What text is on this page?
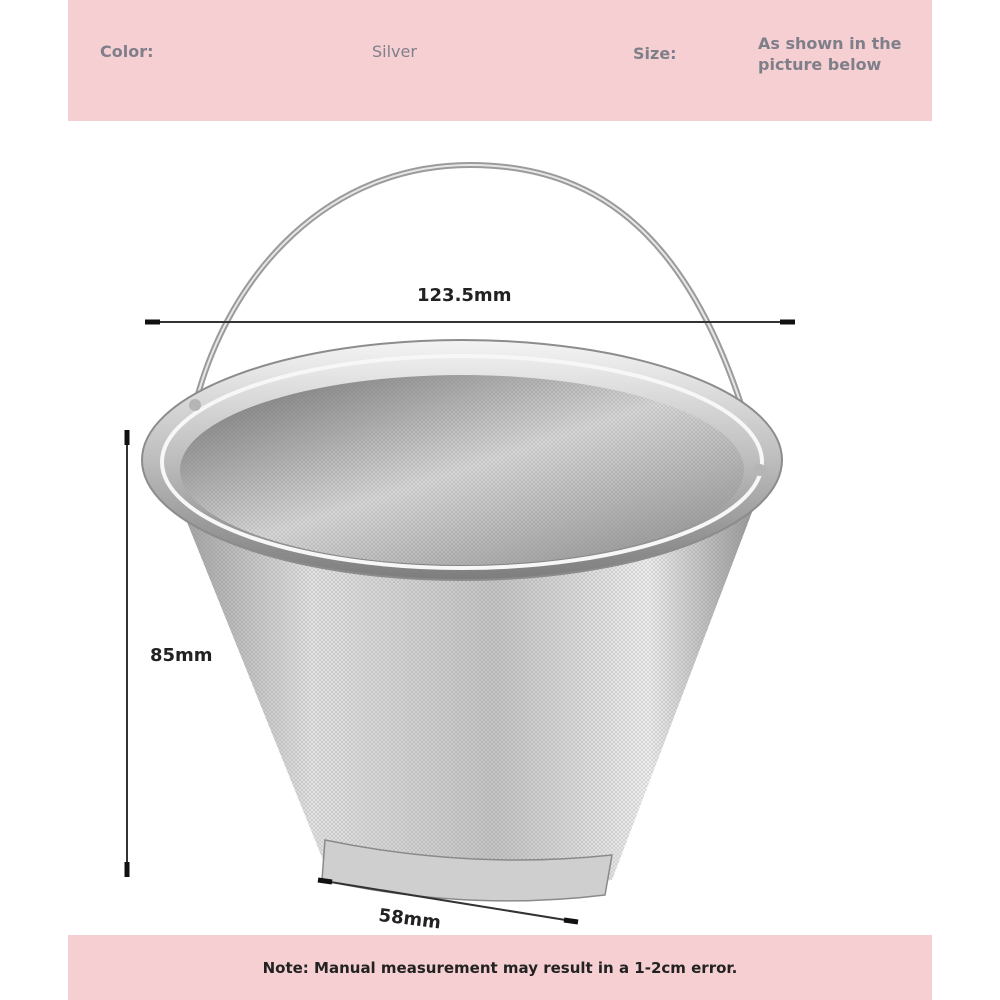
Color:	Silver	Size:
As shown in the picture below
123.5mm
85mm
58mm
Note: Manual measurement may result in a 1-2cm error.
